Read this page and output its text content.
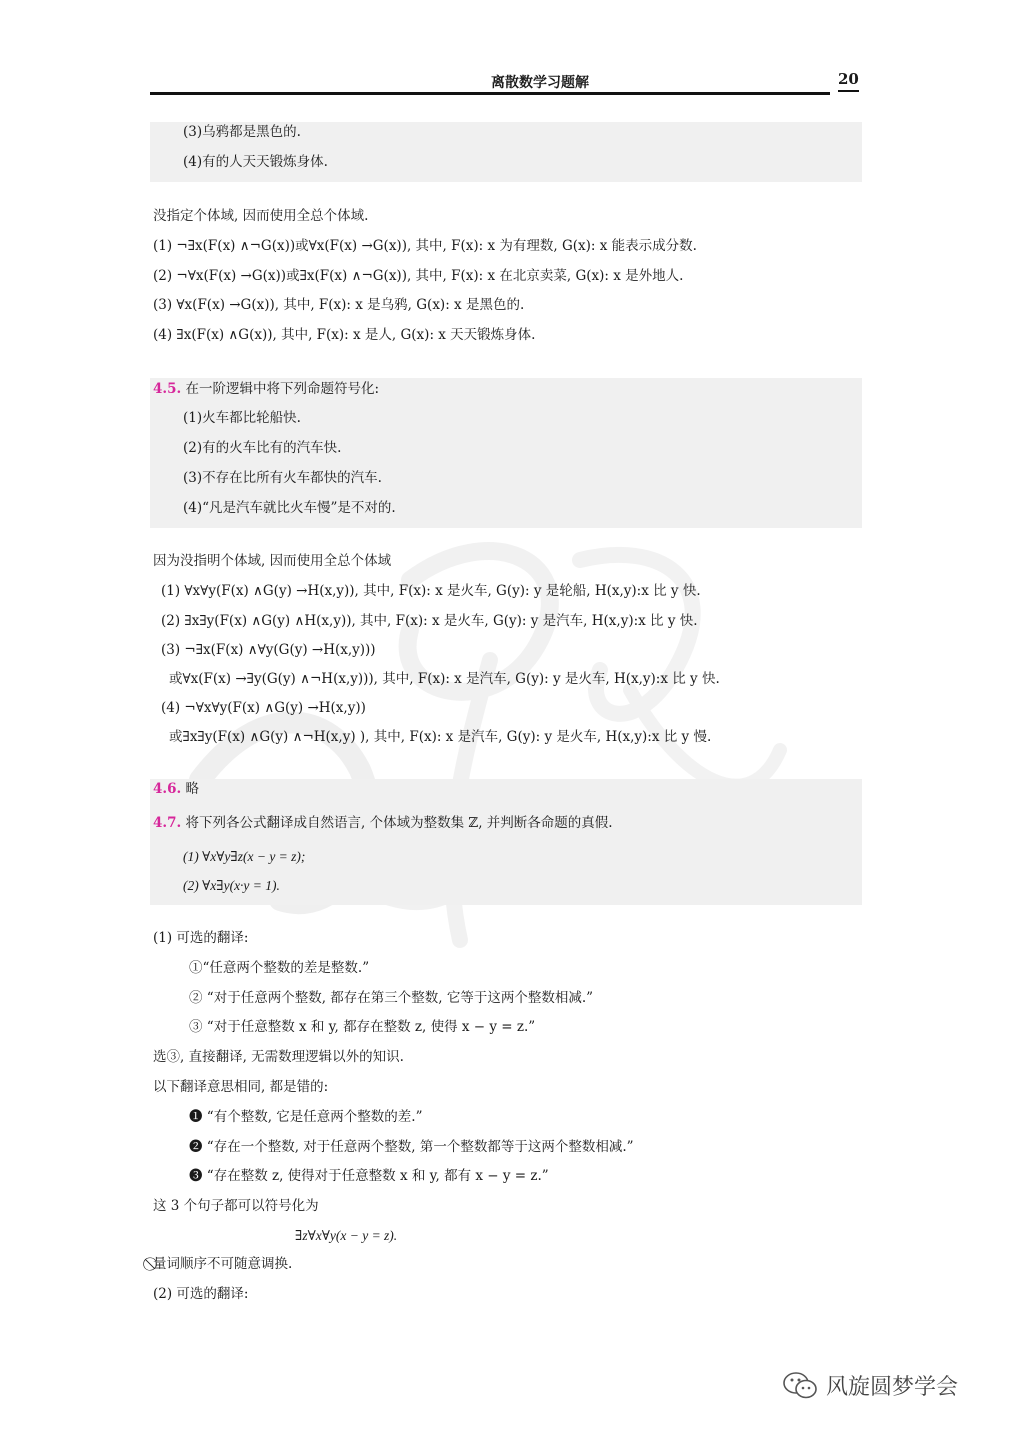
离散数学习题解	20
(3)乌鸦都是黑色的.
(4)有的人天天锻炼身体.
没指定个体域, 因而使用全总个体域.
(1) ¬∃x(F(x) ∧¬G(x))或∀x(F(x) →G(x)), 其中, F(x): x 为有理数, G(x): x 能表示成分数.
(2) ¬∀x(F(x) →G(x))或∃x(F(x) ∧¬G(x)), 其中, F(x): x 在北京卖菜, G(x): x 是外地人.
(3) ∀x(F(x) →G(x)), 其中, F(x): x 是乌鸦, G(x): x 是黑色的.
(4) ∃x(F(x) ∧G(x)), 其中, F(x): x 是人, G(x): x 天天锻炼身体.
4.5. 在一阶逻辑中将下列命题符号化:
(1)火车都比轮船快.
(2)有的火车比有的汽车快.
(3)不存在比所有火车都快的汽车.
(4)“凡是汽车就比火车慢”是不对的.
因为没指明个体域, 因而使用全总个体域
(1) ∀x∀y(F(x) ∧G(y) →H(x,y)), 其中, F(x): x 是火车, G(y): y 是轮船, H(x,y):x 比 y 快.
(2) ∃x∃y(F(x) ∧G(y) ∧H(x,y)), 其中, F(x): x 是火车, G(y): y 是汽车, H(x,y):x 比 y 快.
(3) ¬∃x(F(x) ∧∀y(G(y) →H(x,y)))
或∀x(F(x) →∃y(G(y) ∧¬H(x,y))), 其中, F(x): x 是汽车, G(y): y 是火车, H(x,y):x 比 y 快.
(4) ¬∀x∀y(F(x) ∧G(y) →H(x,y))
或∃x∃y(F(x) ∧G(y) ∧¬H(x,y) ), 其中, F(x): x 是汽车, G(y): y 是火车, H(x,y):x 比 y 慢.
4.6. 略
4.7. 将下列各公式翻译成自然语言, 个体域为整数集 ℤ, 并判断各命题的真假.
(1) ∀x∀y∃z(x − y = z);
(2) ∀x∃y(x·y = 1).
(1) 可选的翻译:
①“任意两个整数的差是整数.”
② “对于任意两个整数, 都存在第三个整数, 它等于这两个整数相减.”
③ “对于任意整数 x 和 y, 都存在整数 z, 使得 x − y = z.”
选③, 直接翻译, 无需数理逻辑以外的知识.
以下翻译意思相同, 都是错的:
❶ “有个整数, 它是任意两个整数的差.”
❷ “存在一个整数, 对于任意两个整数, 第一个整数都等于这两个整数相减.”
❸ “存在整数 z, 使得对于任意整数 x 和 y, 都有 x − y = z.”
这 3 个句子都可以符号化为
∃z∀x∀y(x − y = z).
⃠量词顺序不可随意调换.
(2) 可选的翻译:
风旋圆梦学会
